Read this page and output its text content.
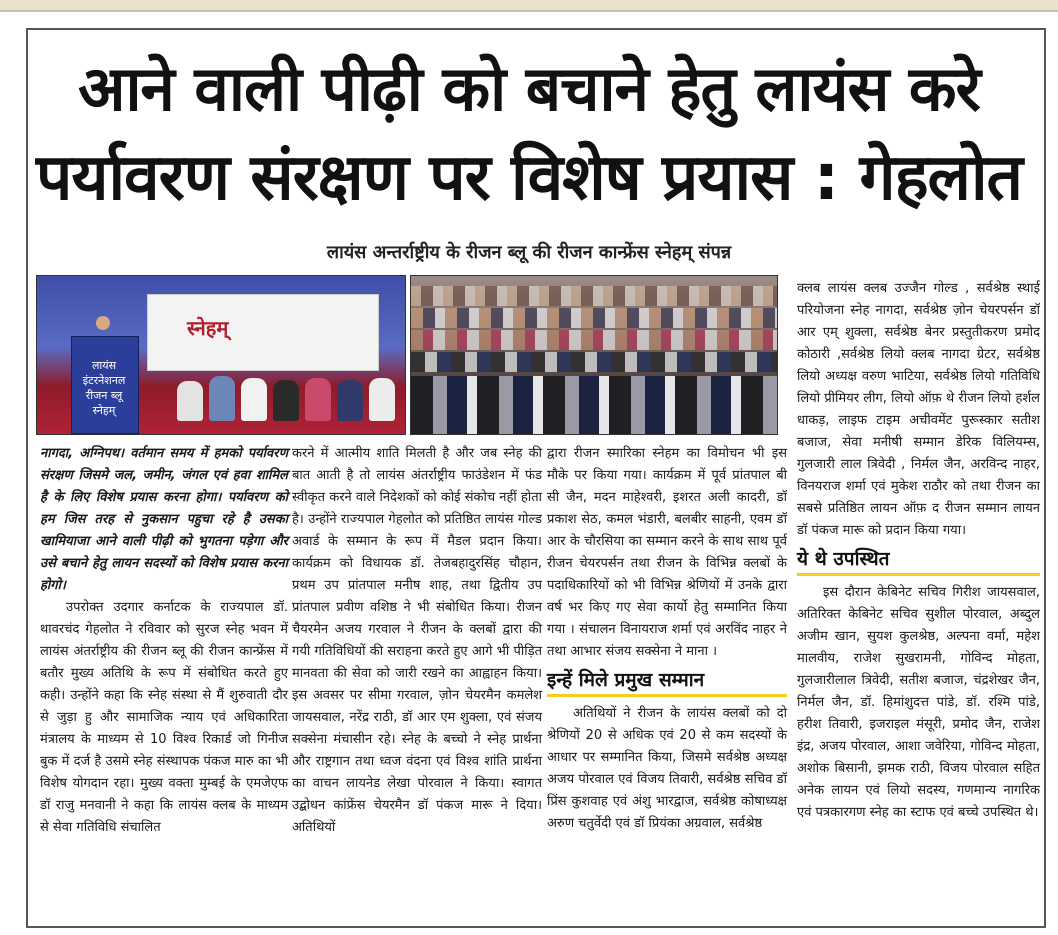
आने वाली पीढ़ी को बचाने हेतु लायंस करे
पर्यावरण संरक्षण पर विशेष प्रयास : गेहलोत
लायंस अन्तर्राष्ट्रीय के रीजन ब्लू की रीजन कान्फ्रेंस स्नेहम् संपन्न
स्नेहम्
लायंस इंटरनेशनल रीजन ब्लू स्नेहम्

नागदा, अग्निपथ। वर्तमान समय में हमको पर्यावरण संरक्षण जिसमे जल, जमीन, जंगल एवं हवा शामिल है के लिए विशेष प्रयास करना होगा। पर्यावरण को हम जिस तरह से नुकसान पहुचा रहे है उसका खामियाजा आने वाली पीढ़ी को भुगतना पड़ेगा और उसे बचाने हेतु लायन सदस्यों को विशेष प्रयास करना होगो।

उपरोक्त उदगार कर्नाटक के राज्यपाल डॉ. थावरचंद गेहलोत ने रविवार को सुरज स्नेह भवन में लायंस अंतर्राष्ट्रीय की रीजन ब्लू की रीजन कान्फ्रेंस में बतौर मुख्य अतिथि के रूप में संबोधित करते हुए कही। उन्होंने कहा कि स्नेह संस्था से मैं शुरुवाती दौर से जुड़ा हु और सामाजिक न्याय एवं अधिकारिता मंत्रालय के माध्यम से 10 विश्व रिकार्ड जो गिनीज बुक में दर्ज है उसमे स्नेह संस्थापक पंकज मारु का भी विशेष योगदान रहा। मुख्य वक्ता मुम्बई के एमजेएफ डॉ राजु मनवानी ने कहा कि लायंस क्लब के माध्यम से सेवा गतिविधि संचालित

करने में आत्मीय शाति मिलती है और जब स्नेह की बात आती है तो लायंस अंतर्राष्ट्रीय फाउंडेशन में फंड स्वीकृत करने वाले निदेशकों को कोई संकोच नहीं होता है। उन्होंने राज्यपाल गेहलोत को प्रतिष्ठित लायंस गोल्ड अवार्ड के सम्मान के रूप में मैडल प्रदान किया।कार्यक्रम को विधायक डॉ. तेजबहादुरसिंह चौहान, प्रथम उप प्रांतपाल मनीष शाह, तथा द्वितीय उप प्रांतपाल प्रवीण वशिष्ठ ने भी संबोधित किया। रीजन चैयरमेन अजय गरवाल ने रीजन के क्लबों द्वारा की गयी गतिविधियों की सराहना करते हुए आगे भी पीड़ित मानवता की सेवा को जारी रखने का आह्वाहन किया। इस अवसर पर सीमा गरवाल, ज़ोन चेयरमैन कमलेश जायसवाल, नरेंद्र राठी, डॉ आर एम शुक्ला, एवं संजय सक्सेना मंचासीन रहे। स्नेह के बच्चो ने स्नेह प्रार्थना और राष्ट्रगान तथा ध्वज वंदना एवं विश्व शांति प्रार्थना का वाचन लायनेड लेखा पोरवाल ने किया। स्वागत उद्बोधन कांफ्रेंस चेयरमैन डॉ पंकज मारू ने दिया। अतिथियों

द्वारा रीजन स्मारिका स्नेहम का विमोचन भी इस मौके पर किया गया। कार्यक्रम में पूर्व प्रांतपाल बी सी जैन, मदन माहेश्वरी, इशरत अली कादरी, डॉ प्रकाश सेठ, कमल भंडारी, बलबीर साहनी, एवम डॉ आर के चौरसिया का सम्मान करने के साथ साथ पूर्व रीजन चेयरपर्सन तथा रीजन के विभिन्न क्लबों के पदाधिकारियों को भी विभिन्न श्रेणियों में उनके द्वारा वर्ष भर किए गए सेवा कार्यो हेतु सम्मानित किया गया । संचालन विनायराज शर्मा एवं अरविंद नाहर ने तथा आभार संजय सक्सेना ने माना ।

इन्हें मिले प्रमुख सम्मान

अतिथियों ने रीजन के लायंस क्लबों को दो श्रेणियों 20 से अधिक एवं 20 से कम सदस्यों के आधार पर सम्मानित किया, जिसमे सर्वश्रेष्ठ अध्यक्ष अजय पोरवाल एवं विजय तिवारी, सर्वश्रेष्ठ सचिव डॉ प्रिंस कुशवाह एवं अंशु भारद्वाज, सर्वश्रेष्ठ कोषाध्यक्ष अरुण चतुर्वेदी एवं डॉ प्रियंका अग्रवाल, सर्वश्रेष्ठ

क्लब लायंस क्लब उज्जैन गोल्ड , सर्वश्रेष्ठ स्थाई परियोजना स्नेह नागदा, सर्वश्रेष्ठ ज़ोन चेयरपर्सन डॉ आर एम् शुक्ला, सर्वश्रेष्ठ बेनर प्रस्तुतीकरण प्रमोद कोठारी ,सर्वश्रेष्ठ लियो क्लब नागदा ग्रेटर, सर्वश्रेष्ठ लियो अध्यक्ष वरुण भाटिया, सर्वश्रेष्ठ लियो गतिविधि लियो प्रीमियर लीग, लियो ऑफ़ थे रीजन लियो हर्शल धाकड़, लाइफ टाइम अचीवमेंट पुरूस्कार सतीश बजाज, सेवा मनीषी सम्मान डेरिक विलियम्स, गुलजारी लाल त्रिवेदी , निर्मल जैन, अरविन्द नाहर, विनयराज शर्मा एवं मुकेश राठौर को तथा रीजन का सबसे प्रतिष्ठित लायन ऑफ़ द रीजन सम्मान लायन डॉ पंकज मारू को प्रदान किया गया।

ये थे उपस्थित

इस दौरान केबिनेट सचिव गिरीश जायसवाल, अतिरिक्त केबिनेट सचिव सुशील पोरवाल, अब्दुल अजीम खान, सुयश कुलश्रेष्ठ, अल्पना वर्मा, महेश मालवीय, राजेश सुखरामनी, गोविन्द मोहता, गुलजारीलाल त्रिवेदी, सतीश बजाज, चंद्रशेखर जैन, निर्मल जैन, डॉ. हिमांशुदत्त पांडे, डॉ. रश्मि पांडे, हरीश तिवारी, इजराइल मंसूरी, प्रमोद जैन, राजेश इंद्र, अजय पोरवाल, आशा जवेरिया, गोविन्द मोहता, अशोक बिसानी, झमक राठी, विजय पोरवाल सहित अनेक लायन एवं लियो सदस्य, गणमान्य नागरिक एवं पत्रकारगण स्नेह का स्टाफ एवं बच्चे उपस्थित थे।
